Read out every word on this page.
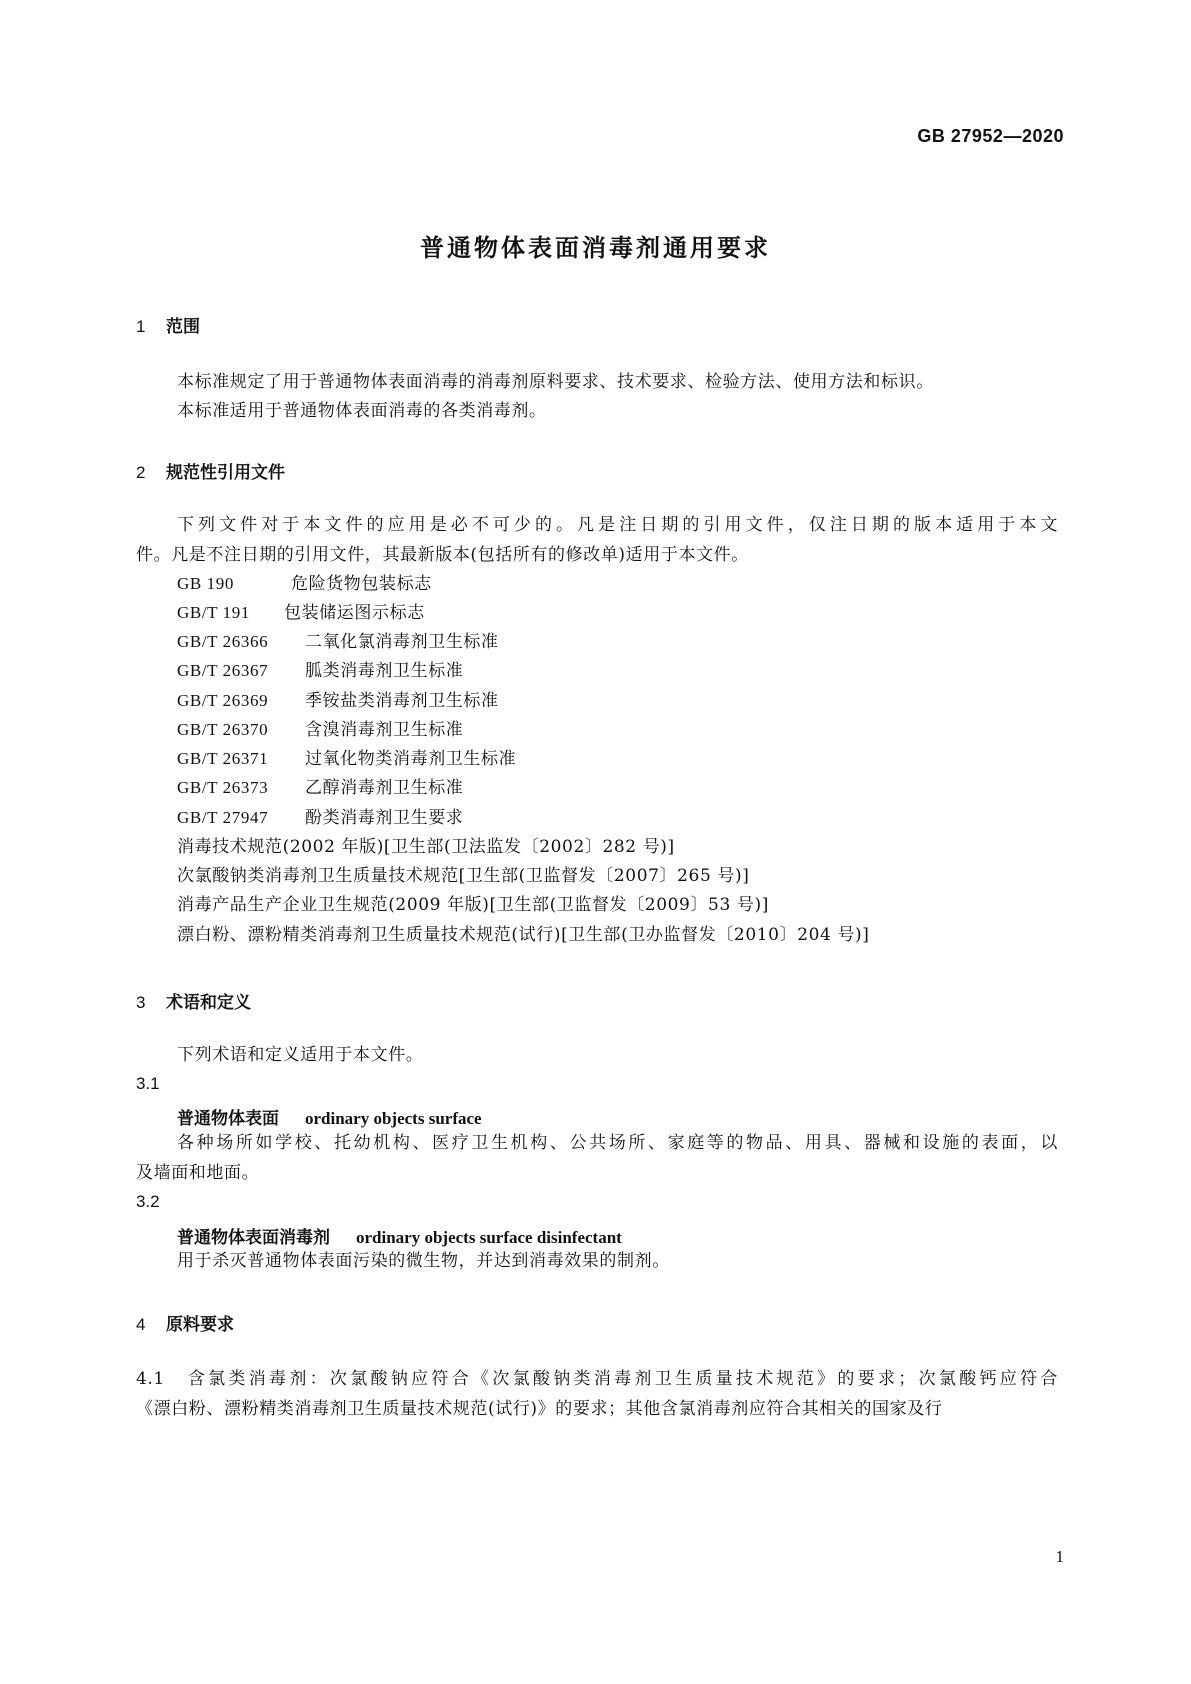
GB 27952—2020
普通物体表面消毒剂通用要求
1 范围
本标准规定了用于普通物体表面消毒的消毒剂原料要求、技术要求、检验方法、使用方法和标识。
本标准适用于普通物体表面消毒的各类消毒剂。
2 规范性引用文件
下列文件对于本文件的应用是必不可少的。凡是注日期的引用文件，仅注日期的版本适用于本文
件。凡是不注日期的引用文件，其最新版本(包括所有的修改单)适用于本文件。
GB 190	危险货物包装标志
GB/T 191 包装储运图示标志
GB/T 26366 二氧化氯消毒剂卫生标准
GB/T 26367 胍类消毒剂卫生标准
GB/T 26369 季铵盐类消毒剂卫生标准
GB/T 26370 含溴消毒剂卫生标准
GB/T 26371 过氧化物类消毒剂卫生标准
GB/T 26373 乙醇消毒剂卫生标准
GB/T 27947 酚类消毒剂卫生要求
消毒技术规范(2002 年版)[卫生部(卫法监发〔2002〕282 号)]
次氯酸钠类消毒剂卫生质量技术规范[卫生部(卫监督发〔2007〕265 号)]
消毒产品生产企业卫生规范(2009 年版)[卫生部(卫监督发〔2009〕53 号)]
漂白粉、漂粉精类消毒剂卫生质量技术规范(试行)[卫生部(卫办监督发〔2010〕204 号)]
3 术语和定义
下列术语和定义适用于本文件。
3.1
普通物体表面 ordinary objects surface
各种场所如学校、托幼机构、医疗卫生机构、公共场所、家庭等的物品、用具、器械和设施的表面，以
及墙面和地面。
3.2
普通物体表面消毒剂 ordinary objects surface disinfectant
用于杀灭普通物体表面污染的微生物，并达到消毒效果的制剂。
4 原料要求
4.1　含氯类消毒剂：次氯酸钠应符合《次氯酸钠类消毒剂卫生质量技术规范》的要求；次氯酸钙应符合
《漂白粉、漂粉精类消毒剂卫生质量技术规范(试行)》的要求；其他含氯消毒剂应符合其相关的国家及行
1
